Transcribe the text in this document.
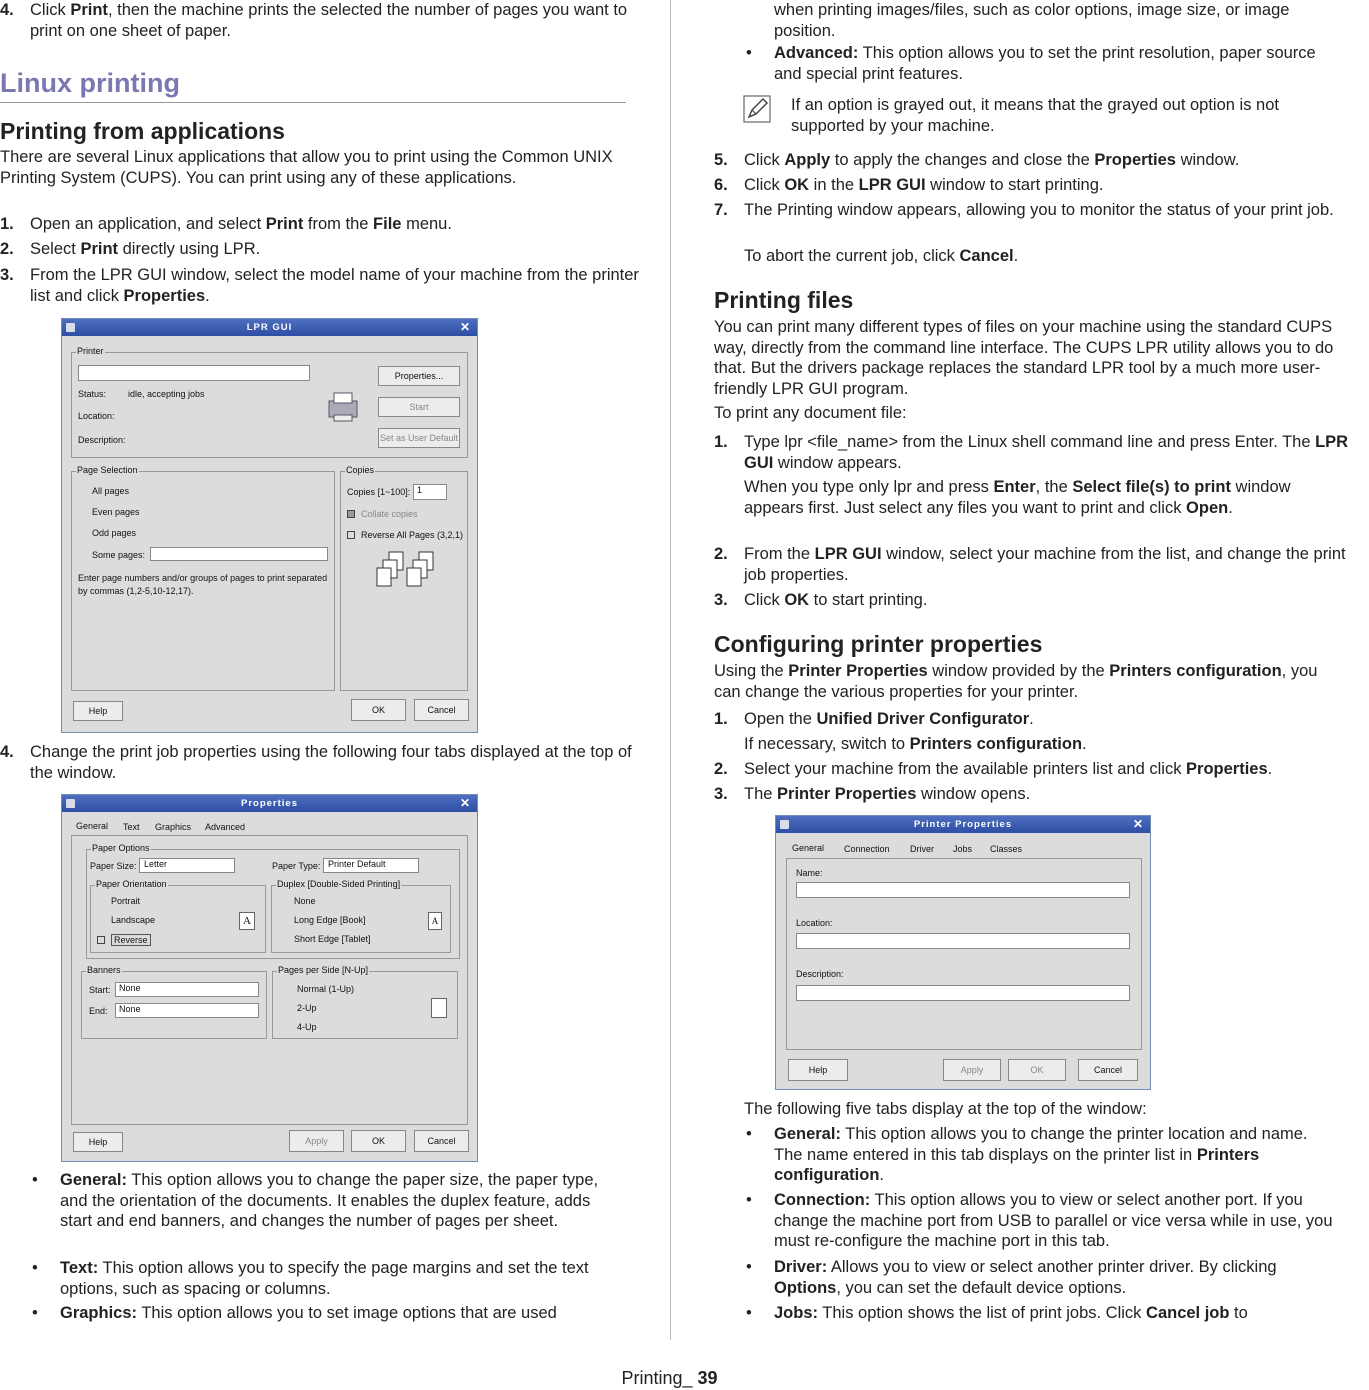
4. Click Print, then the machine prints the selected the number of pages you want to print on one sheet of paper.
Linux printing
Printing from applications

There are several Linux applications that allow you to print using the Common UNIX Printing System (CUPS). You can print using any of these applications.

1. Open an application, and select Print from the File menu.
2. Select Print directly using LPR.
3. From the LPR GUI window, select the model name of your machine from the printer list and click Properties.
LPR GUI	✕
Printer
Status: idle, accepting jobs
Location:
Description:
Properties...
Start
Set as User Default
Page Selection
All pages
Even pages
Odd pages
Some pages:
Enter page numbers and/or groups of pages to print separated by commas (1,2-5,10-12,17).
Copies
Copies [1~100]: 1
Collate copies
Reverse All Pages (3,2,1)
Help	OK	Cancel
4. Change the print job properties using the following four tabs displayed at the top of the window.
Properties	✕
General Text Graphics Advanced
Paper Options
Paper Size: Letter	Paper Type: Printer Default
Paper Orientation
Portrait
Landscape
Reverse
A
Duplex [Double-Sided Printing]
None
Long Edge [Book]
Short Edge [Tablet]
A
Banners
Start: None
End:	None
Pages per Side [N-Up]
Normal (1-Up)
2-Up
4-Up
Help	Apply	OK	Cancel
• General: This option allows you to change the paper size, the paper type, and the orientation of the documents. It enables the duplex feature, adds start and end banners, and changes the number of pages per sheet.
• Text: This option allows you to specify the page margins and set the text options, such as spacing or columns.
• Graphics: This option allows you to set image options that are used

when printing images/files, such as color options, image size, or image position.

• Advanced: This option allows you to set the print resolution, paper source and special print features.

If an option is grayed out, it means that the grayed out option is not supported by your machine.

5. Click Apply to apply the changes and close the Properties window.
6. Click OK in the LPR GUI window to start printing.
7. The Printing window appears, allowing you to monitor the status of your print job.
To abort the current job, click Cancel.
Printing files

You can print many different types of files on your machine using the standard CUPS way, directly from the command line interface. The CUPS LPR utility allows you to do that. But the drivers package replaces the standard LPR tool by a much more user-friendly LPR GUI program.

To print any document file:

1. Type lpr <file_name> from the Linux shell command line and press Enter. The LPR GUI window appears.
When you type only lpr and press Enter, the Select file(s) to print window appears first. Just select any files you want to print and click Open.
2. From the LPR GUI window, select your machine from the list, and change the print job properties.
3. Click OK to start printing.
Configuring printer properties
Using the Printer Properties window provided by the Printers configuration, you can change the various properties for your printer.
1. Open the Unified Driver Configurator.
If necessary, switch to Printers configuration.
2. Select your machine from the available printers list and click Properties.
3. The Printer Properties window opens.
Printer Properties	✕
General Connection Driver Jobs Classes
Name:
Location:
Description:
Help	Apply	OK	Cancel

The following five tabs display at the top of the window:

• General: This option allows you to change the printer location and name. The name entered in this tab displays on the printer list in Printers configuration.
• Connection: This option allows you to view or select another port. If you change the machine port from USB to parallel or vice versa while in use, you must re-configure the machine port in this tab.
• Driver: Allows you to view or select another printer driver. By clicking Options, you can set the default device options.
• Jobs: This option shows the list of print jobs. Click Cancel job to
Printing_ 39
